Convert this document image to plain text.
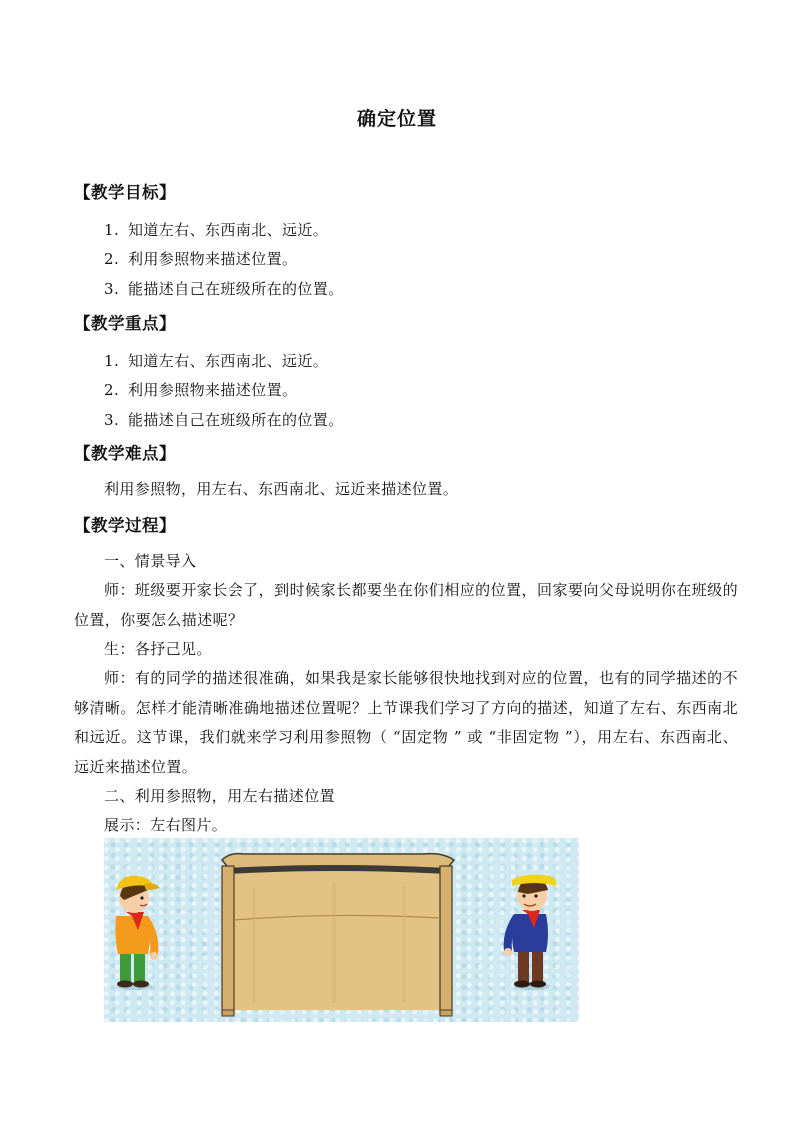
确定位置
【教学目标】
1. 知道左右、东西南北、远近。
2. 利用参照物来描述位置。
3. 能描述自己在班级所在的位置。
【教学重点】
1. 知道左右、东西南北、远近。
2. 利用参照物来描述位置。
3. 能描述自己在班级所在的位置。
【教学难点】
利用参照物，用左右、东西南北、远近来描述位置。
【教学过程】
一、情景导入
师：班级要开家长会了，到时候家长都要坐在你们相应的位置，回家要向父母说明你在班级的位置，你要怎么描述呢？
生：各抒己见。
师：有的同学的描述很准确，如果我是家长能够很快地找到对应的位置，也有的同学描述的不够清晰。怎样才能清晰准确地描述位置呢？上节课我们学习了方向的描述，知道了左右、东西南北和远近。这节课，我们就来学习利用参照物（ “固定物 ” 或 “非固定物 ”），用左右、东西南北、远近来描述位置。
二、利用参照物，用左右描述位置
展示：左右图片。
